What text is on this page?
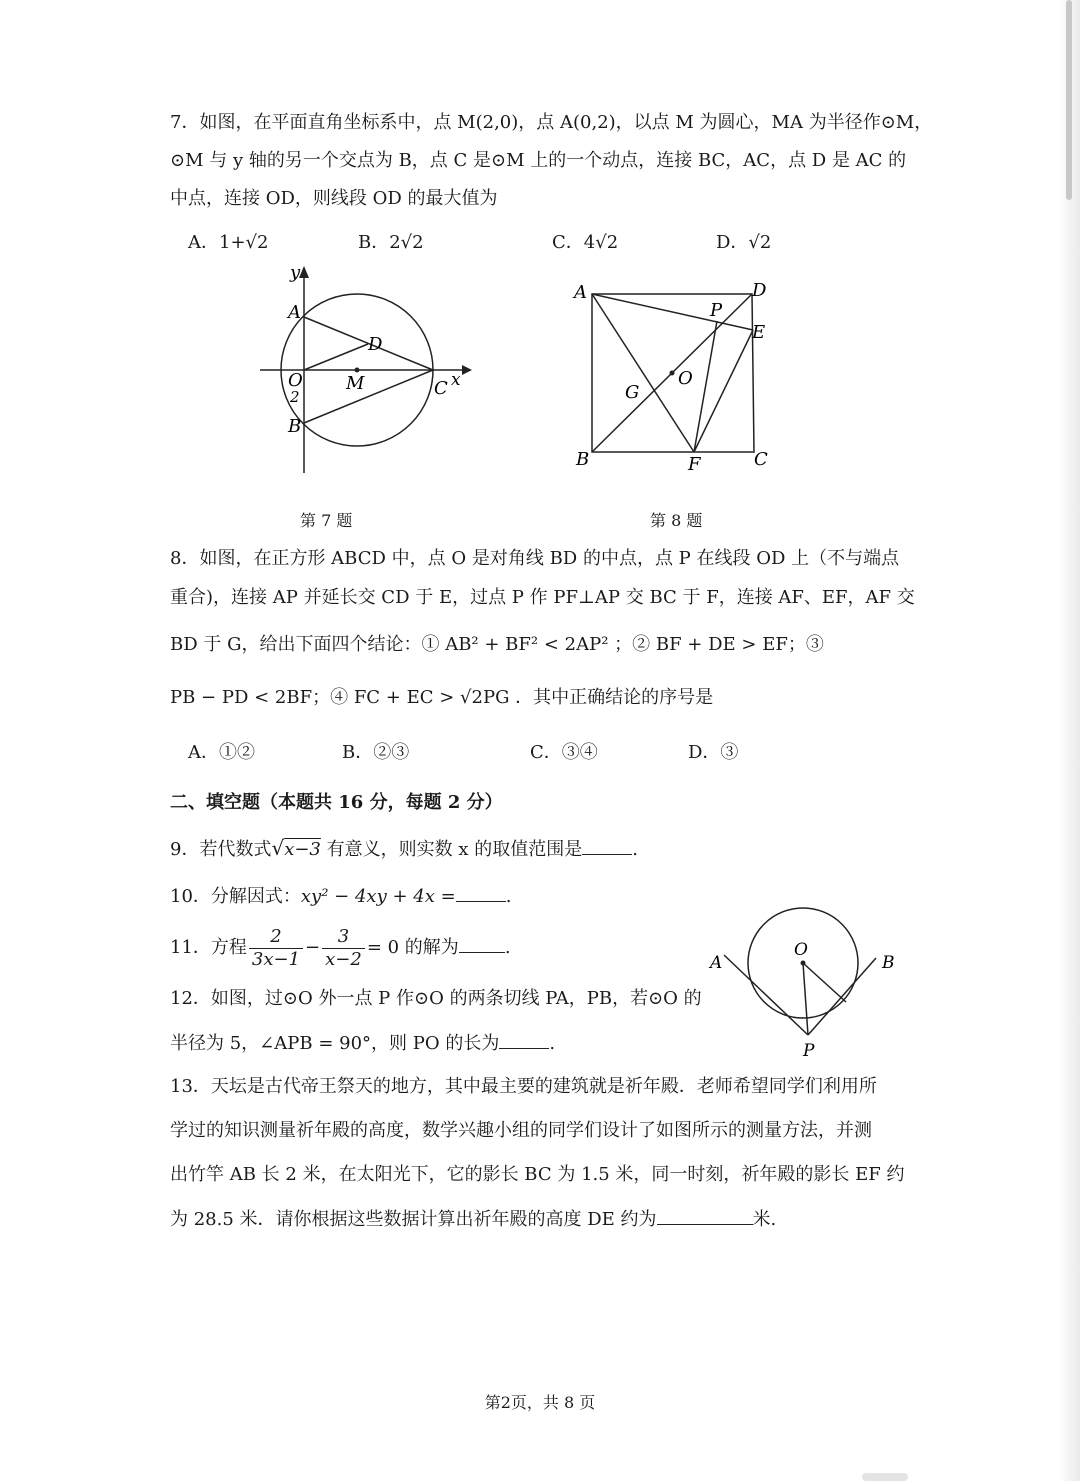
7．如图，在平面直角坐标系中，点 M(2,0)，点 A(0,2)，以点 M 为圆心，MA 为半径作⊙M，
⊙M 与 y 轴的另一个交点为 B，点 C 是⊙M 上的一个动点，连接 BC，AC，点 D 是 AC 的
中点，连接 OD，则线段 OD 的最大值为
A．1+√2	B．2√2	C．4√2	D．√2
y
x
A
O
2
M
D
C
B
第 7 题
A	D
P
E
G
O
B	F	C
第 8 题
8．如图，在正方形 ABCD 中，点 O 是对角线 BD 的中点，点 P 在线段 OD 上（不与端点
重合)，连接 AP 并延长交 CD 于 E，过点 P 作 PF⊥AP 交 BC 于 F，连接 AF、EF，AF 交
BD 于 G，给出下面四个结论：① AB² + BF² < 2AP² ；② BF + DE > EF；③
PB − PD < 2BF；④ FC + EC > √2PG ．其中正确结论的序号是
A．①②	B．②③	C．③④	D．③
二、填空题（本题共 16 分，每题 2 分）
9．若代数式√x−3 有意义，则实数 x 的取值范围是	.
10．分解因式：xy² − 4xy + 4x =	.
11．方程 $\frac{2}{3x-1} - \frac{3}{x-2} = 0$ 的解为	.
12．如图，过⊙O 外一点 P 作⊙O 的两条切线 PA，PB，若⊙O 的
半径为 5，∠APB = 90°，则 PO 的长为	.
O
A	B
P
13．天坛是古代帝王祭天的地方，其中最主要的建筑就是祈年殿．老师希望同学们利用所
学过的知识测量祈年殿的高度，数学兴趣小组的同学们设计了如图所示的测量方法，并测
出竹竿 AB 长 2 米，在太阳光下，它的影长 BC 为 1.5 米，同一时刻，祈年殿的影长 EF 约
为 28.5 米．请你根据这些数据计算出祈年殿的高度 DE 约为	米.
第2页，共 8 页
